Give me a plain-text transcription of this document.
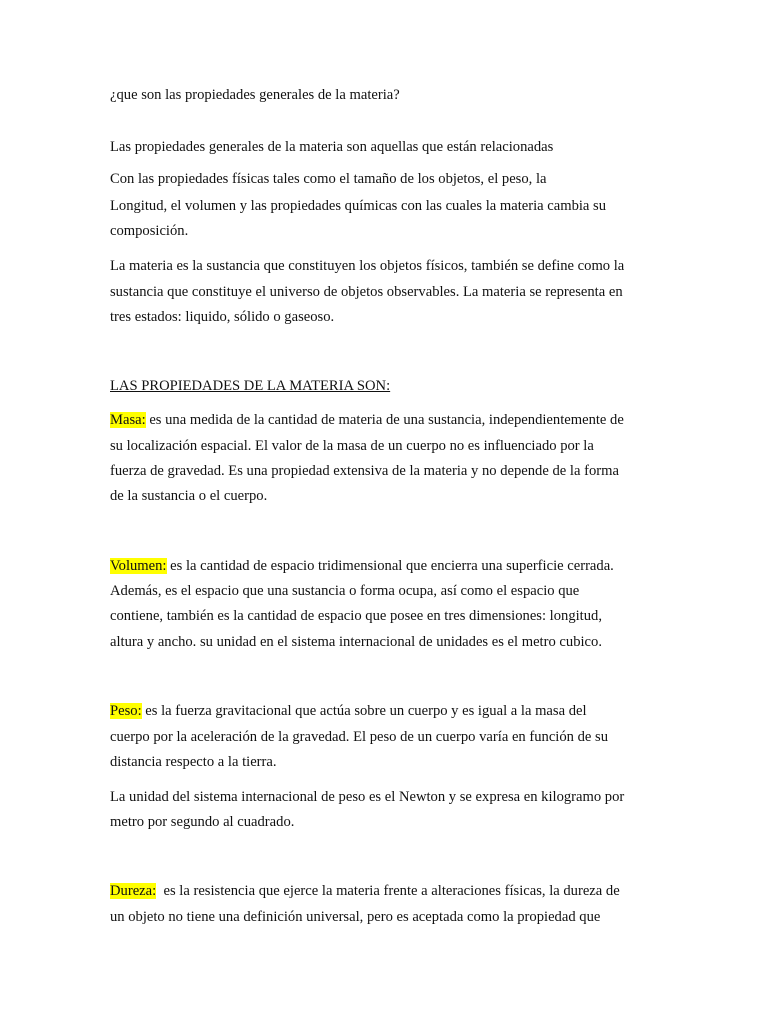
¿que son las propiedades generales de la materia?
Las propiedades generales de la materia son aquellas que están relacionadas
Con las propiedades físicas tales como el tamaño de los objetos, el peso, la
Longitud, el volumen y las propiedades químicas con las cuales la materia cambia su
composición.
La materia es la sustancia que constituyen los objetos físicos, también se define como la
sustancia que constituye el universo de objetos observables. La materia se representa en
tres estados: liquido, sólido o gaseoso.
LAS PROPIEDADES DE LA MATERIA SON:
Masa: es una medida de la cantidad de materia de una sustancia, independientemente de
su localización espacial. El valor de la masa de un cuerpo no es influenciado por la
fuerza de gravedad. Es una propiedad extensiva de la materia y no depende de la forma
de la sustancia o el cuerpo.
Volumen: es la cantidad de espacio tridimensional que encierra una superficie cerrada.
Además, es el espacio que una sustancia o forma ocupa, así como el espacio que
contiene, también es la cantidad de espacio que posee en tres dimensiones: longitud,
altura y ancho. su unidad en el sistema internacional de unidades es el metro cubico.
Peso: es la fuerza gravitacional que actúa sobre un cuerpo y es igual a la masa del
cuerpo por la aceleración de la gravedad. El peso de un cuerpo varía en función de su
distancia respecto a la tierra.
La unidad del sistema internacional de peso es el Newton y se expresa en kilogramo por
metro por segundo al cuadrado.
Dureza:  es la resistencia que ejerce la materia frente a alteraciones físicas, la dureza de
un objeto no tiene una definición universal, pero es aceptada como la propiedad que
